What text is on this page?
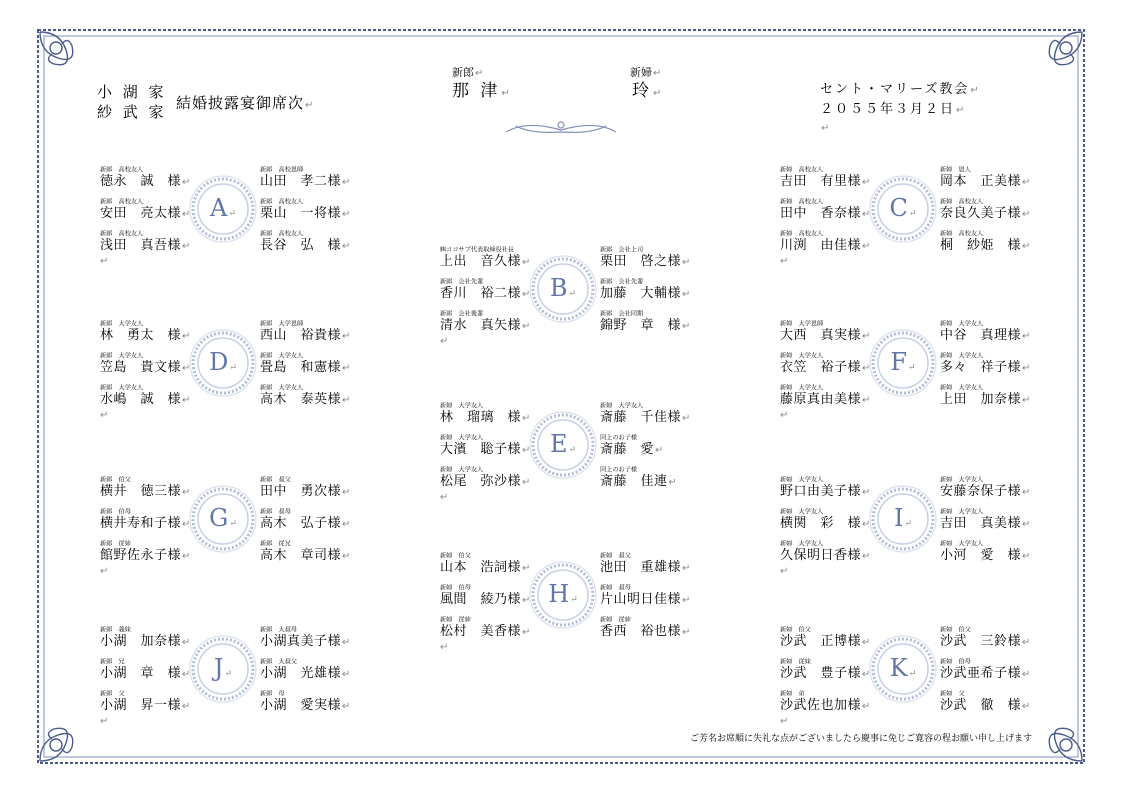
小 湖 家
紗 武 家 結婚披露宴御席次↵
新郎↵
那 津↵
新婦↵
玲↵	セント・マリーズ教会↵
２０５５年３月２日↵
↵
新郎　高校友人
徳永　誠　様↵
新郎　高校友人
安田　亮太様↵
新郎　高校友人
浅田　真吾様↵
新郎　高校恩師
山田　孝二様↵
新郎　高校友人
栗山　一将様↵
新郎　高校友人
長谷　弘　様↵
A↵
↵
㈱ココサブ代表取締役社長
上出　音久様↵
新郎　会社先輩
香川　裕二様↵
新郎　会社後輩
清水　真矢様↵
新郎　会社上司
栗田　啓之様↵
新郎　会社先輩
加藤　大輔様↵
新郎　会社同期
錦野　章　様↵
B↵
↵
新婦　高校友人
吉田　有里様↵
新婦　高校友人
田中　香奈様↵
新婦　高校友人
川渕　由佳様↵
新婦　恩人
岡本　正美様↵
新婦　高校友人
奈良久美子様↵
新婦　高校友人
桐　紗姫　様↵
C↵
↵
新郎　大学友人
林　勇太　様↵
新郎　大学友人
笠島　貴文様↵
新郎　大学友人
水嶋　誠　様↵
新郎　大学恩師
西山　裕貴様↵
新郎　大学友人
畳島　和憲様↵
新郎　大学友人
高木　泰英様↵
D↵
↵
新婦　大学友人
林　瑠璃　様↵
新婦　大学友人
大濱　聡子様↵
新婦　大学友人
松尾　弥沙様↵
新婦　大学友人
斎藤　千佳様↵
同上のお子様
斎藤　愛↵
同上のお子様
斎藤　佳連↵
E↵
↵
新婦　大学恩師
大西　真実様↵
新婦　大学友人
衣笠　裕子様↵
新婦　大学友人
藤原真由美様↵
新婦　大学友人
中谷　真理様↵
新婦　大学友人
多々　祥子様↵
新婦　大学友人
上田　加奈様↵
F↵
↵
新郎　伯父
横井　徳三様↵
新郎　伯母
横井寿和子様↵
新郎　従姉
館野佐永子様↵
新郎　叔父
田中　勇次様↵
新郎　叔母
高木　弘子様↵
新郎　従兄
高木　章司様↵
G↵
↵
新婦　伯父
山本　浩詞様↵
新婦　伯母
風間　綾乃様↵
新婦　従姉
松村　美香様↵
新婦　叔父
池田　重雄様↵
新婦　叔母
片山明日佳様↵
新婦　従姉
香西　裕也様↵
H↵
↵
新婦　大学友人
野口由美子様↵
新婦　大学友人
横関　彩　様↵
新婦　大学友人
久保明日香様↵
新婦　大学友人
安藤奈保子様↵
新婦　大学友人
吉田　真美様↵
新婦　大学友人
小河　愛　様↵
I↵
↵
新郎　義妹
小湖　加奈様↵
新郎　兄
小湖　章　様↵
新郎　父
小湖　昇一様↵
新郎　大叔母
小湖真美子様↵
新郎　大叔父
小湖　光雄様↵
新郎　母
小湖　愛実様↵
J↵
↵
新婦　伯父
沙武　正博様↵
新婦　従妹
沙武　豊子様↵
新婦　弟
沙武佐也加様↵
新婦　伯父
沙武　三鈴様↵
新婦　伯母
沙武亜希子様↵
新婦　父
沙武　徹　様↵
K↵
↵
ご芳名お席順に失礼な点がございましたら慶事に免じご寛容の程お願い申し上げます
